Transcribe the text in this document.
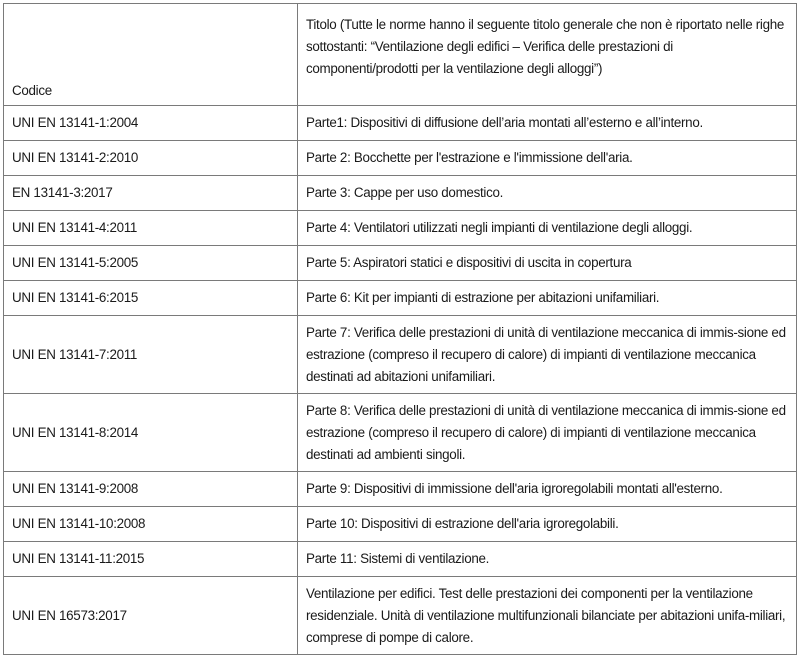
Codice	Titolo (Tutte le norme hanno il seguente titolo generale che non è riportato nelle righe sottostanti: “Ventilazione degli edifici – Verifica delle prestazioni di componenti/prodotti per la ventilazione degli alloggi”)
UNI EN 13141-1:2004	Parte1: Dispositivi di diffusione dell’aria montati all’esterno e all’interno.
UNI EN 13141-2:2010	Parte 2: Bocchette per l'estrazione e l'immissione dell'aria.
EN 13141-3:2017	Parte 3: Cappe per uso domestico.
UNI EN 13141-4:2011	Parte 4: Ventilatori utilizzati negli impianti di ventilazione degli alloggi.
UNI EN 13141-5:2005	Parte 5: Aspiratori statici e dispositivi di uscita in copertura
UNI EN 13141-6:2015	Parte 6: Kit per impianti di estrazione per abitazioni unifamiliari.
UNI EN 13141-7:2011	Parte 7: Verifica delle prestazioni di unità di ventilazione meccanica di immis-sione ed estrazione (compreso il recupero di calore) di impianti di ventilazione meccanica destinati ad abitazioni unifamiliari.
UNI EN 13141-8:2014	Parte 8: Verifica delle prestazioni di unità di ventilazione meccanica di immis-sione ed estrazione (compreso il recupero di calore) di impianti di ventilazione meccanica destinati ad ambienti singoli.
UNI EN 13141-9:2008	Parte 9: Dispositivi di immissione dell'aria igroregolabili montati all'esterno.
UNI EN 13141-10:2008	Parte 10: Dispositivi di estrazione dell'aria igroregolabili.
UNI EN 13141-11:2015	Parte 11: Sistemi di ventilazione.
UNI EN 16573:2017	Ventilazione per edifici. Test delle prestazioni dei componenti per la ventilazione residenziale. Unità di ventilazione multifunzionali bilanciate per abitazioni unifa-miliari, comprese di pompe di calore.
